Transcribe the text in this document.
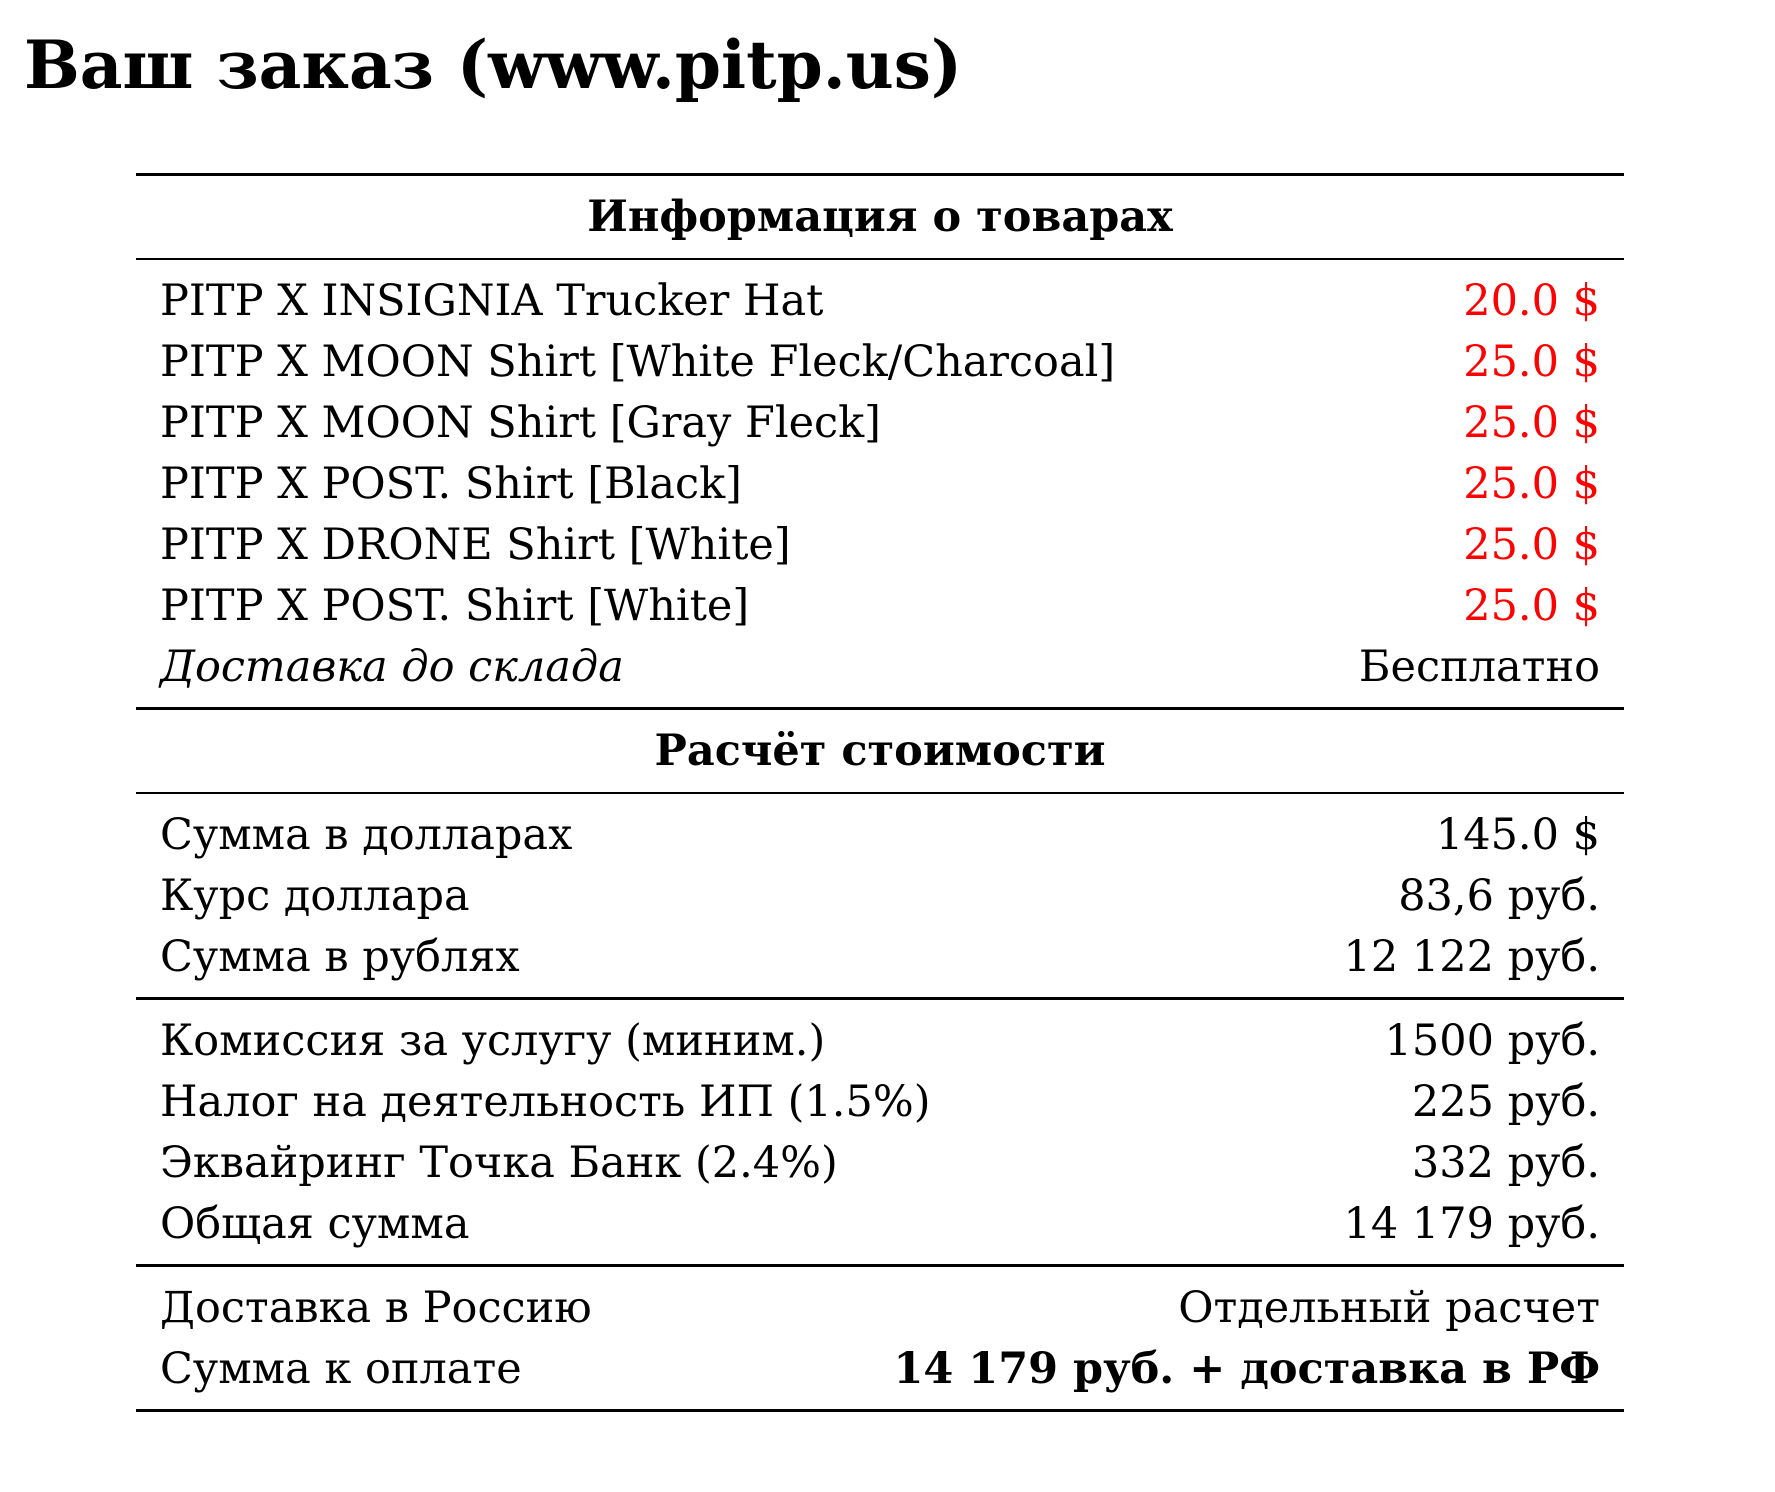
Ваш заказ (www.pitp.us)
Информация о товарах
PITP X INSIGNIA Trucker Hat	20.0 $
PITP X MOON Shirt [White Fleck/Charcoal]	25.0 $
PITP X MOON Shirt [Gray Fleck]	25.0 $
PITP X POST. Shirt [Black]	25.0 $
PITP X DRONE Shirt [White]	25.0 $
PITP X POST. Shirt [White]	25.0 $
Доставка до склада	Бесплатно
Расчёт стоимости
Сумма в долларах	145.0 $
Курс доллара	83,6 руб.
Сумма в рублях	12 122 руб.
Комиссия за услугу (миним.)	1500 руб.
Налог на деятельность ИП (1.5%)	225 руб.
Эквайринг Точка Банк (2.4%)	332 руб.
Общая сумма	14 179 руб.
Доставка в Россию	Отдельный расчет
Сумма к оплате	14 179 руб. + доставка в РФ
